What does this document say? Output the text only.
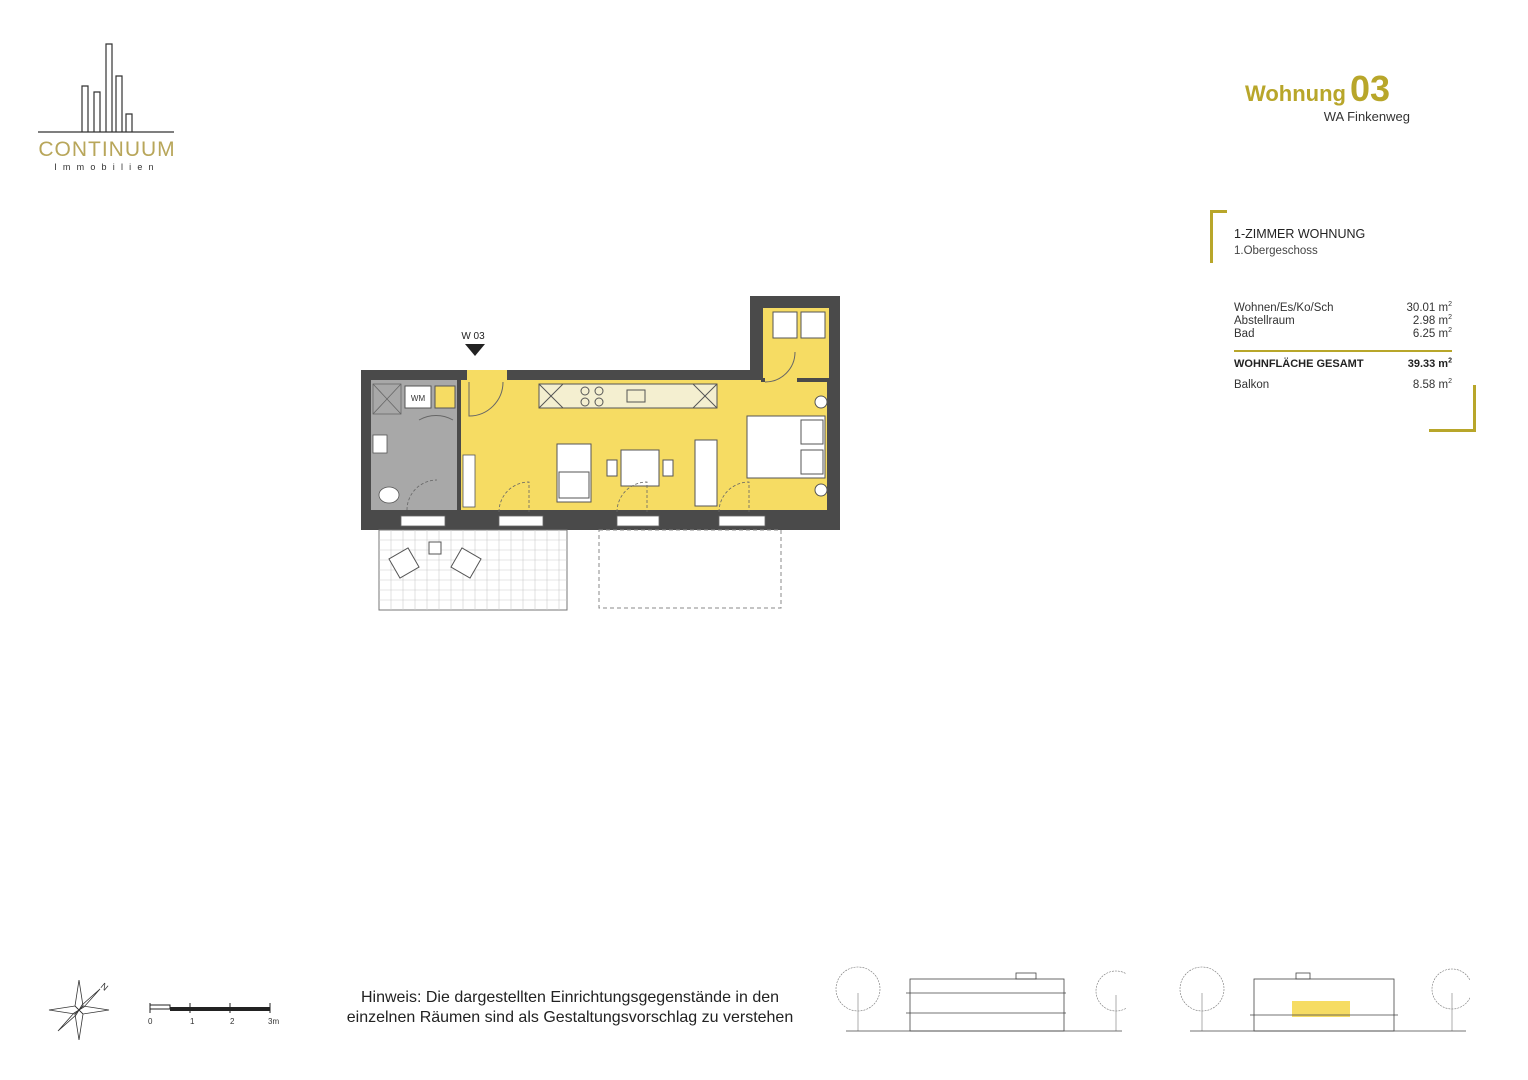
CONTINUUM
Immobilien
Wohnung 03
WA Finkenweg
1-ZIMMER WOHNUNG
1.Obergeschoss
Wohnen/Es/Ko/Sch	30.01 $m^2$
Abstellraum	2.98 $m^2$
Bad	6.25 $m^2$
WOHNFLÄCHE GESAMT	39.33 $m^2$
Balkon	8.58 $m^2$
W 03
WM
N
0	1	2	3m
Hinweis: Die dargestellten Einrichtungsgegenstände in den
einzelnen Räumen sind als Gestaltungsvorschlag zu verstehen
